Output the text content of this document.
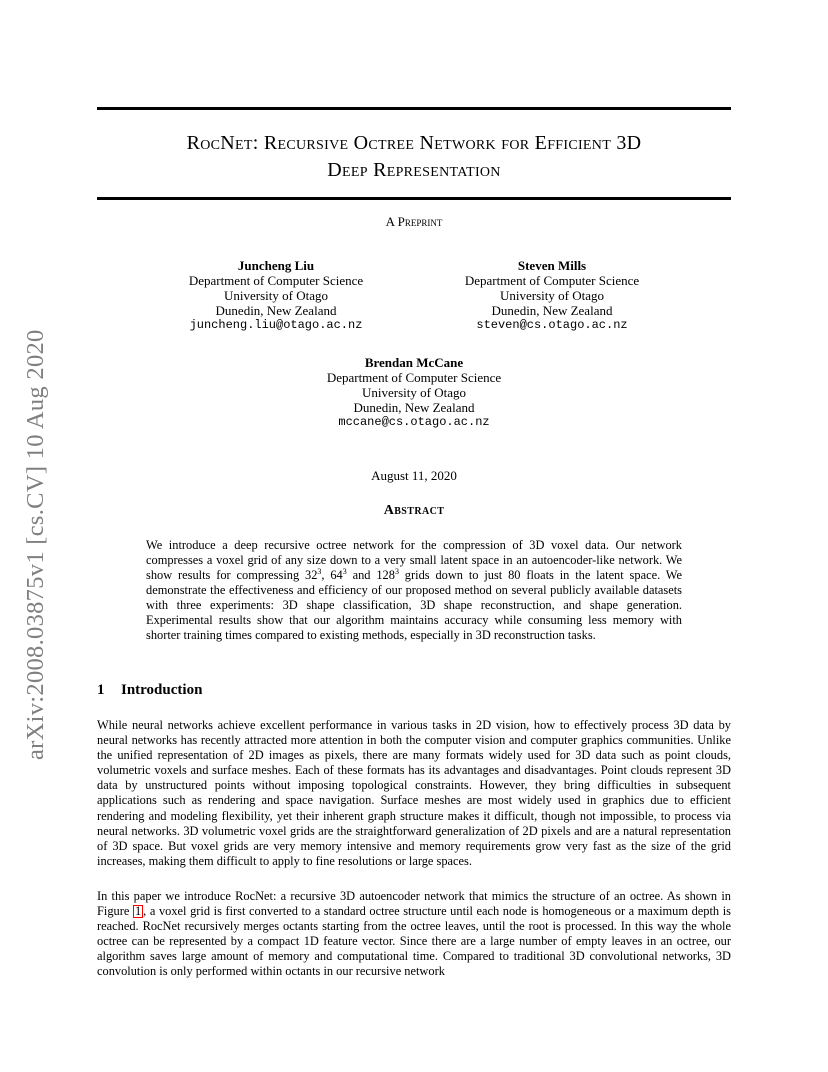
arXiv:2008.03875v1 [cs.CV] 10 Aug 2020
RocNet: Recursive Octree Network for Efficient 3D
Deep Representation
A Preprint
Juncheng Liu
Department of Computer Science
University of Otago
Dunedin, New Zealand
juncheng.liu@otago.ac.nz
Steven Mills
Department of Computer Science
University of Otago
Dunedin, New Zealand
steven@cs.otago.ac.nz
Brendan McCane
Department of Computer Science
University of Otago
Dunedin, New Zealand
mccane@cs.otago.ac.nz
August 11, 2020
Abstract
We introduce a deep recursive octree network for the compression of 3D voxel data. Our network compresses a voxel grid of any size down to a very small latent space in an autoencoder-like network. We show results for compressing $32^3$, $64^3$ and $128^3$ grids down to just 80 floats in the latent space. We demonstrate the effectiveness and efficiency of our proposed method on several publicly available datasets with three experiments: 3D shape classification, 3D shape reconstruction, and shape generation. Experimental results show that our algorithm maintains accuracy while consuming less memory with shorter training times compared to existing methods, especially in 3D reconstruction tasks.
1 Introduction
While neural networks achieve excellent performance in various tasks in 2D vision, how to effectively process 3D data by neural networks has recently attracted more attention in both the computer vision and computer graphics communities. Unlike the unified representation of 2D images as pixels, there are many formats widely used for 3D data such as point clouds, volumetric voxels and surface meshes. Each of these formats has its advantages and disadvantages. Point clouds represent 3D data by unstructured points without imposing topological constraints. However, they bring difficulties in subsequent applications such as rendering and space navigation. Surface meshes are most widely used in graphics due to efficient rendering and modeling flexibility, yet their inherent graph structure makes it difficult, though not impossible, to process via neural networks. 3D volumetric voxel grids are the straightforward generalization of 2D pixels and are a natural representation of 3D space. But voxel grids are very memory intensive and memory requirements grow very fast as the size of the grid increases, making them difficult to apply to fine resolutions or large spaces.
In this paper we introduce RocNet: a recursive 3D autoencoder network that mimics the structure of an octree. As shown in Figure 1 , a voxel grid is first converted to a standard octree structure until each node is homogeneous or a maximum depth is reached. RocNet recursively merges octants starting from the octree leaves, until the root is processed. In this way the whole octree can be represented by a compact 1D feature vector. Since there are a large number of empty leaves in an octree, our algorithm saves large amount of memory and computational time. Compared to traditional 3D convolutional networks, 3D convolution is only performed within octants in our recursive network
